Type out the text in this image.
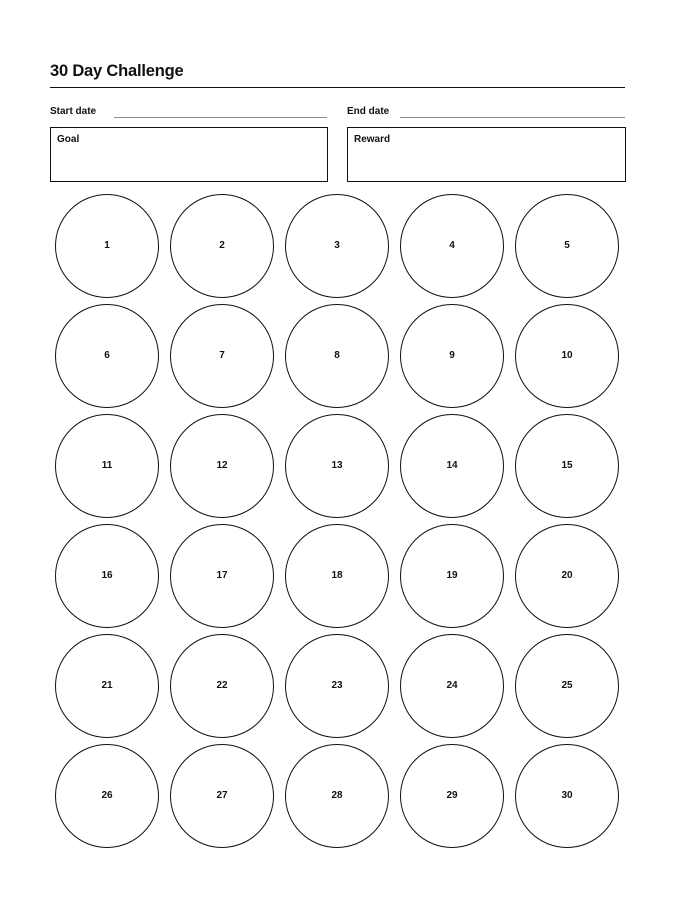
30 Day Challenge
Start date	End date
Goal	Reward
1	2	3	4	5
6	7	8	9	10
11	12	13	14	15
16	17	18	19	20
21	22	23	24	25
26	27	28	29	30
